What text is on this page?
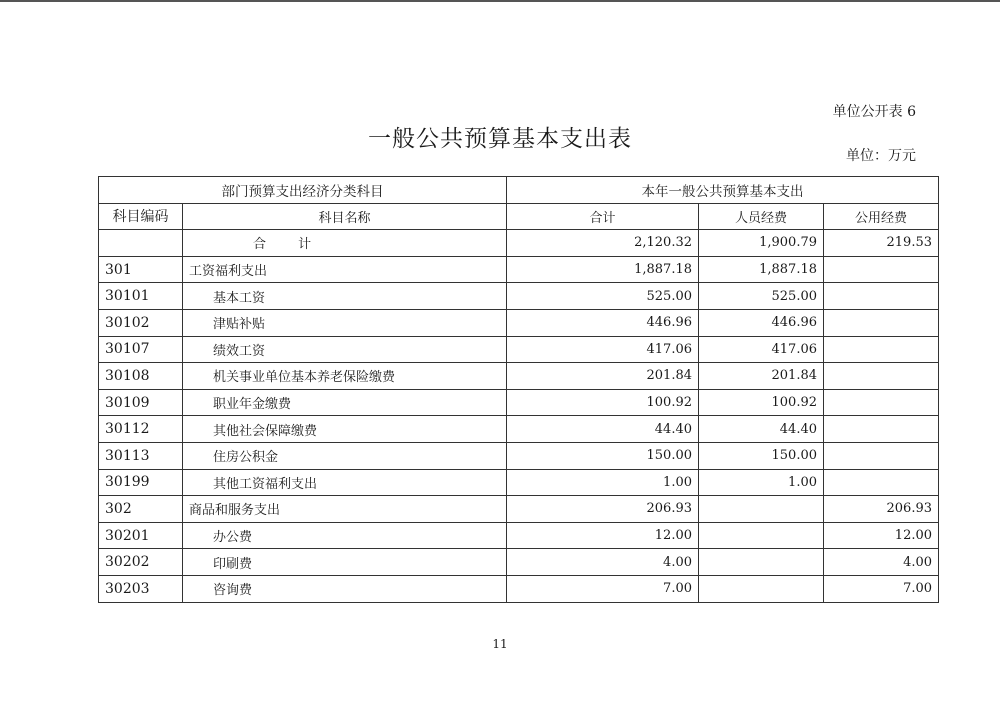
单位公开表 6
一般公共预算基本支出表
单位：万元
部门预算支出经济分类科目		本年一般公共预算基本支出		
科目编码	科目名称	合计	人员经费	公用经费
	合 计	2,120.32	1,900.79	219.53
301	工资福利支出	1,887.18	1,887.18	
30101	基本工资	525.00	525.00	
30102	津贴补贴	446.96	446.96	
30107	绩效工资	417.06	417.06	
30108	机关事业单位基本养老保险缴费	201.84	201.84	
30109	职业年金缴费	100.92	100.92	
30112	其他社会保障缴费	44.40	44.40	
30113	住房公积金	150.00	150.00	
30199	其他工资福利支出	1.00	1.00	
302	商品和服务支出	206.93		206.93
30201	办公费	12.00		12.00
30202	印刷费	4.00		4.00
30203	咨询费	7.00		7.00
11
